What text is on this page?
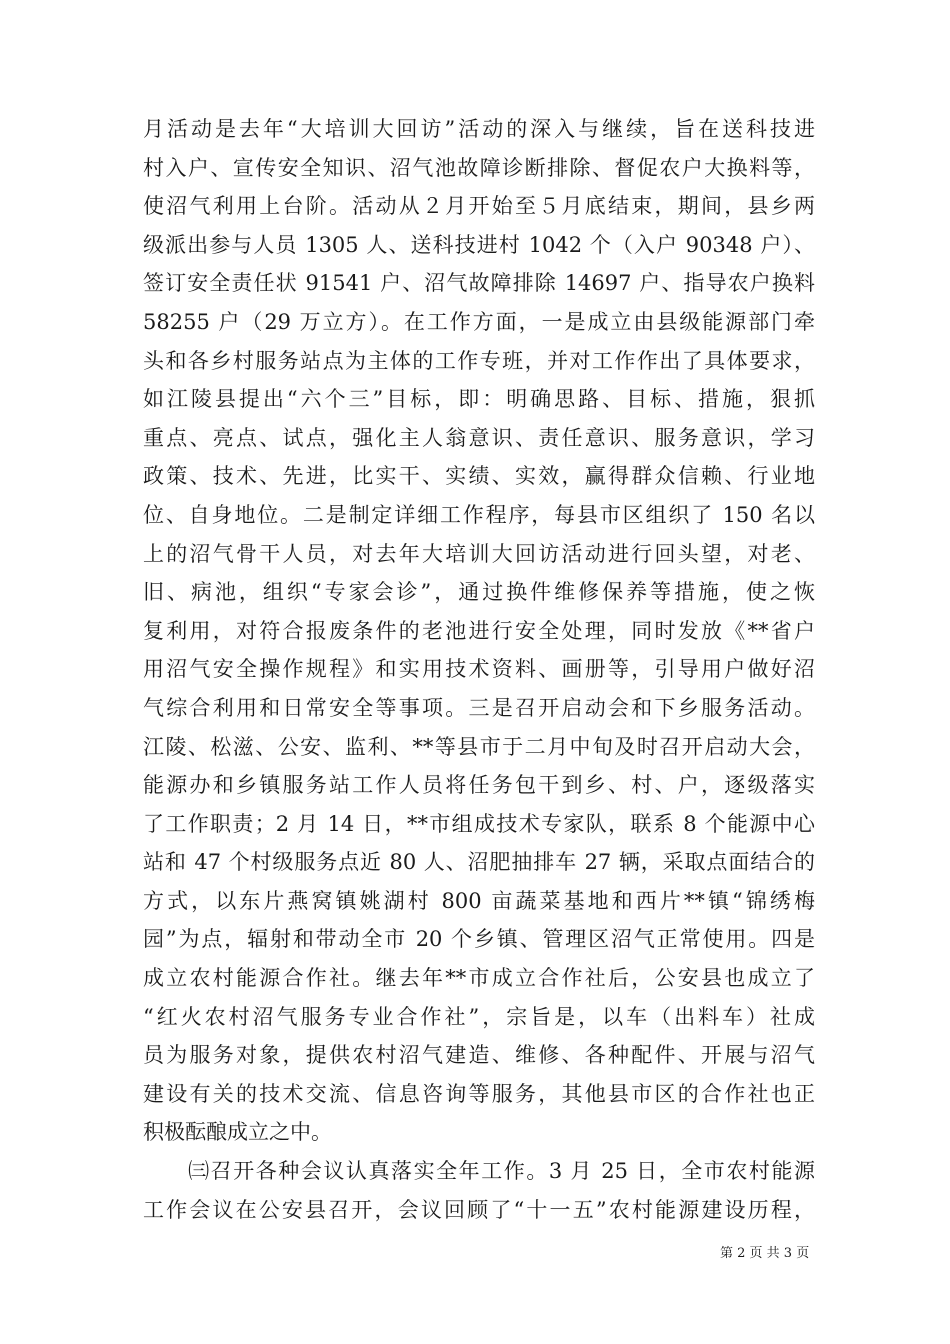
月活动是去年“大培训大回访”活动的深入与继续，旨在送科技进
村入户、宣传安全知识、沼气池故障诊断排除、督促农户大换料等，
使沼气利用上台阶。活动从２月开始至５月底结束，期间，县乡两
级派出参与人员 1305 人、送科技进村 1042 个（入户 90348 户）、
签订安全责任状 91541 户、沼气故障排除 14697 户、指导农户换料
58255 户（29 万立方）。在工作方面，一是成立由县级能源部门牵
头和各乡村服务站点为主体的工作专班，并对工作作出了具体要求，
如江陵县提出“六个三”目标，即：明确思路、目标、措施，狠抓
重点、亮点、试点，强化主人翁意识、责任意识、服务意识，学习
政策、技术、先进，比实干、实绩、实效，赢得群众信赖、行业地
位、自身地位。二是制定详细工作程序，每县市区组织了 150 名以
上的沼气骨干人员，对去年大培训大回访活动进行回头望，对老、
旧、病池，组织“专家会诊”，通过换件维修保养等措施，使之恢
复利用，对符合报废条件的老池进行安全处理，同时发放《**省户
用沼气安全操作规程》和实用技术资料、画册等，引导用户做好沼
气综合利用和日常安全等事项。三是召开启动会和下乡服务活动。
江陵、松滋、公安、监利、**等县市于二月中旬及时召开启动大会，
能源办和乡镇服务站工作人员将任务包干到乡、村、户，逐级落实
了工作职责；2 月 14 日，**市组成技术专家队，联系 8 个能源中心
站和 47 个村级服务点近 80 人、沼肥抽排车 27 辆，采取点面结合的
方式，以东片燕窝镇姚湖村 800 亩蔬菜基地和西片**镇“锦绣梅
园”为点，辐射和带动全市 20 个乡镇、管理区沼气正常使用。四是
成立农村能源合作社。继去年**市成立合作社后，公安县也成立了
“红火农村沼气服务专业合作社”，宗旨是，以车（出料车）社成
员为服务对象，提供农村沼气建造、维修、各种配件、开展与沼气
建设有关的技术交流、信息咨询等服务，其他县市区的合作社也正
积极酝酿成立之中。
　　㈢召开各种会议认真落实全年工作。3 月 25 日，全市农村能源
工作会议在公安县召开，会议回顾了“十一五”农村能源建设历程，
第 2 页 共 3 页
